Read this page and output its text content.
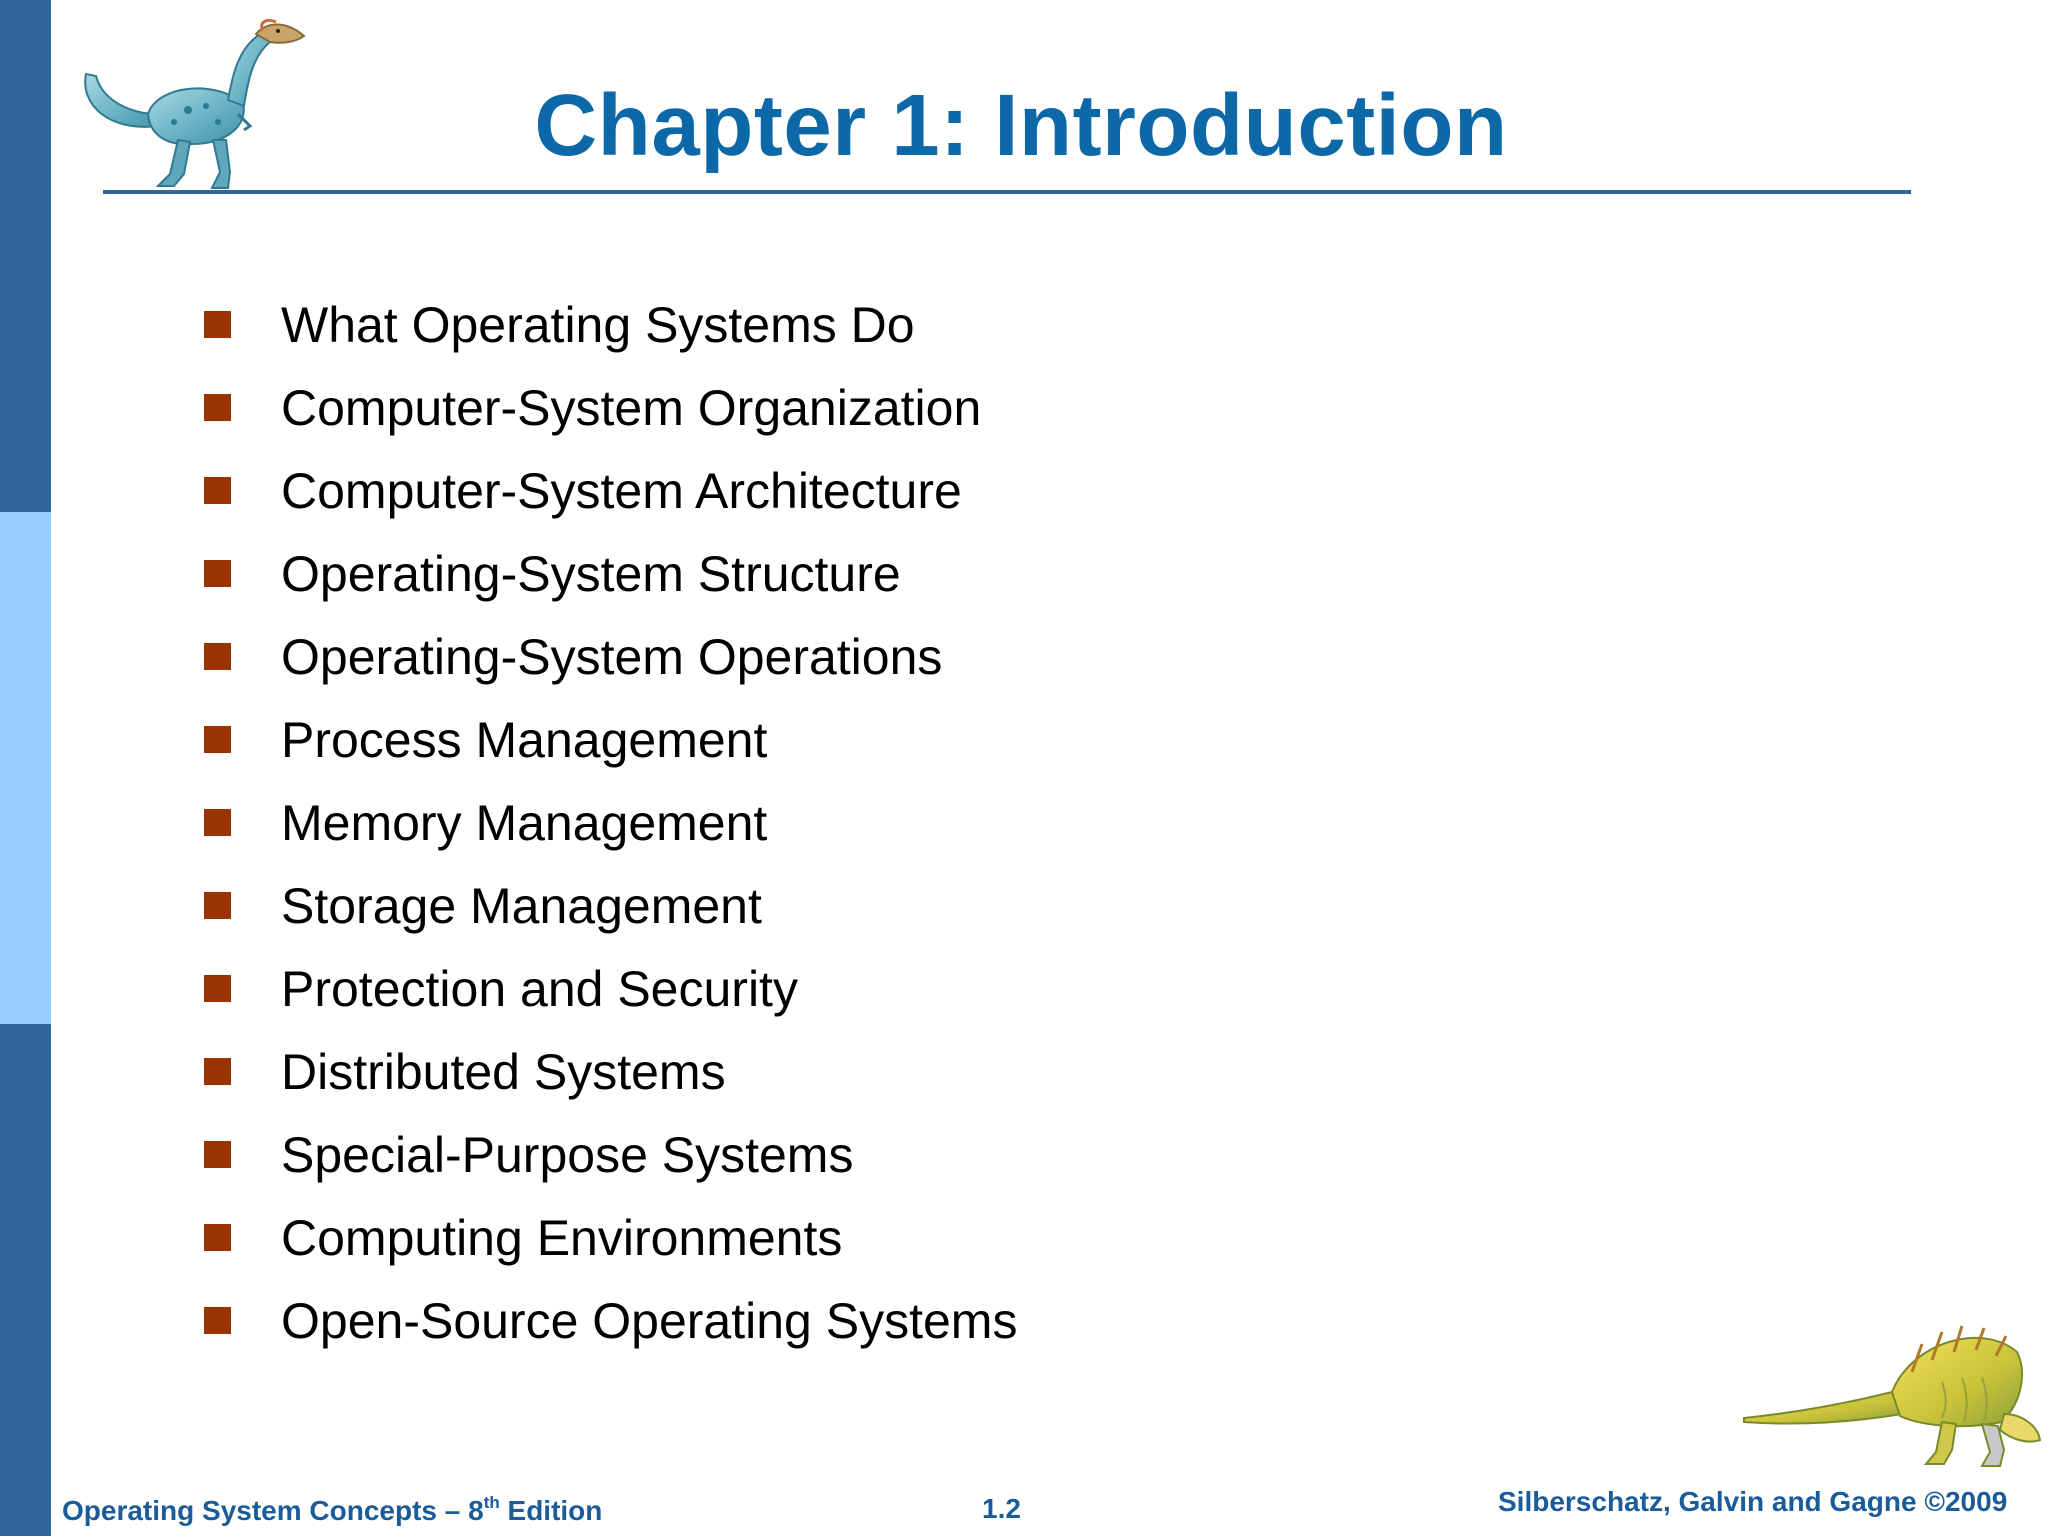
Chapter 1: Introduction
What Operating Systems Do
Computer-System Organization
Computer-System Architecture
Operating-System Structure
Operating-System Operations
Process Management
Memory Management
Storage Management
Protection and Security
Distributed Systems
Special-Purpose Systems
Computing Environments
Open-Source Operating Systems
Operating System Concepts – 8th Edition	1.2	Silberschatz, Galvin and Gagne ©2009
